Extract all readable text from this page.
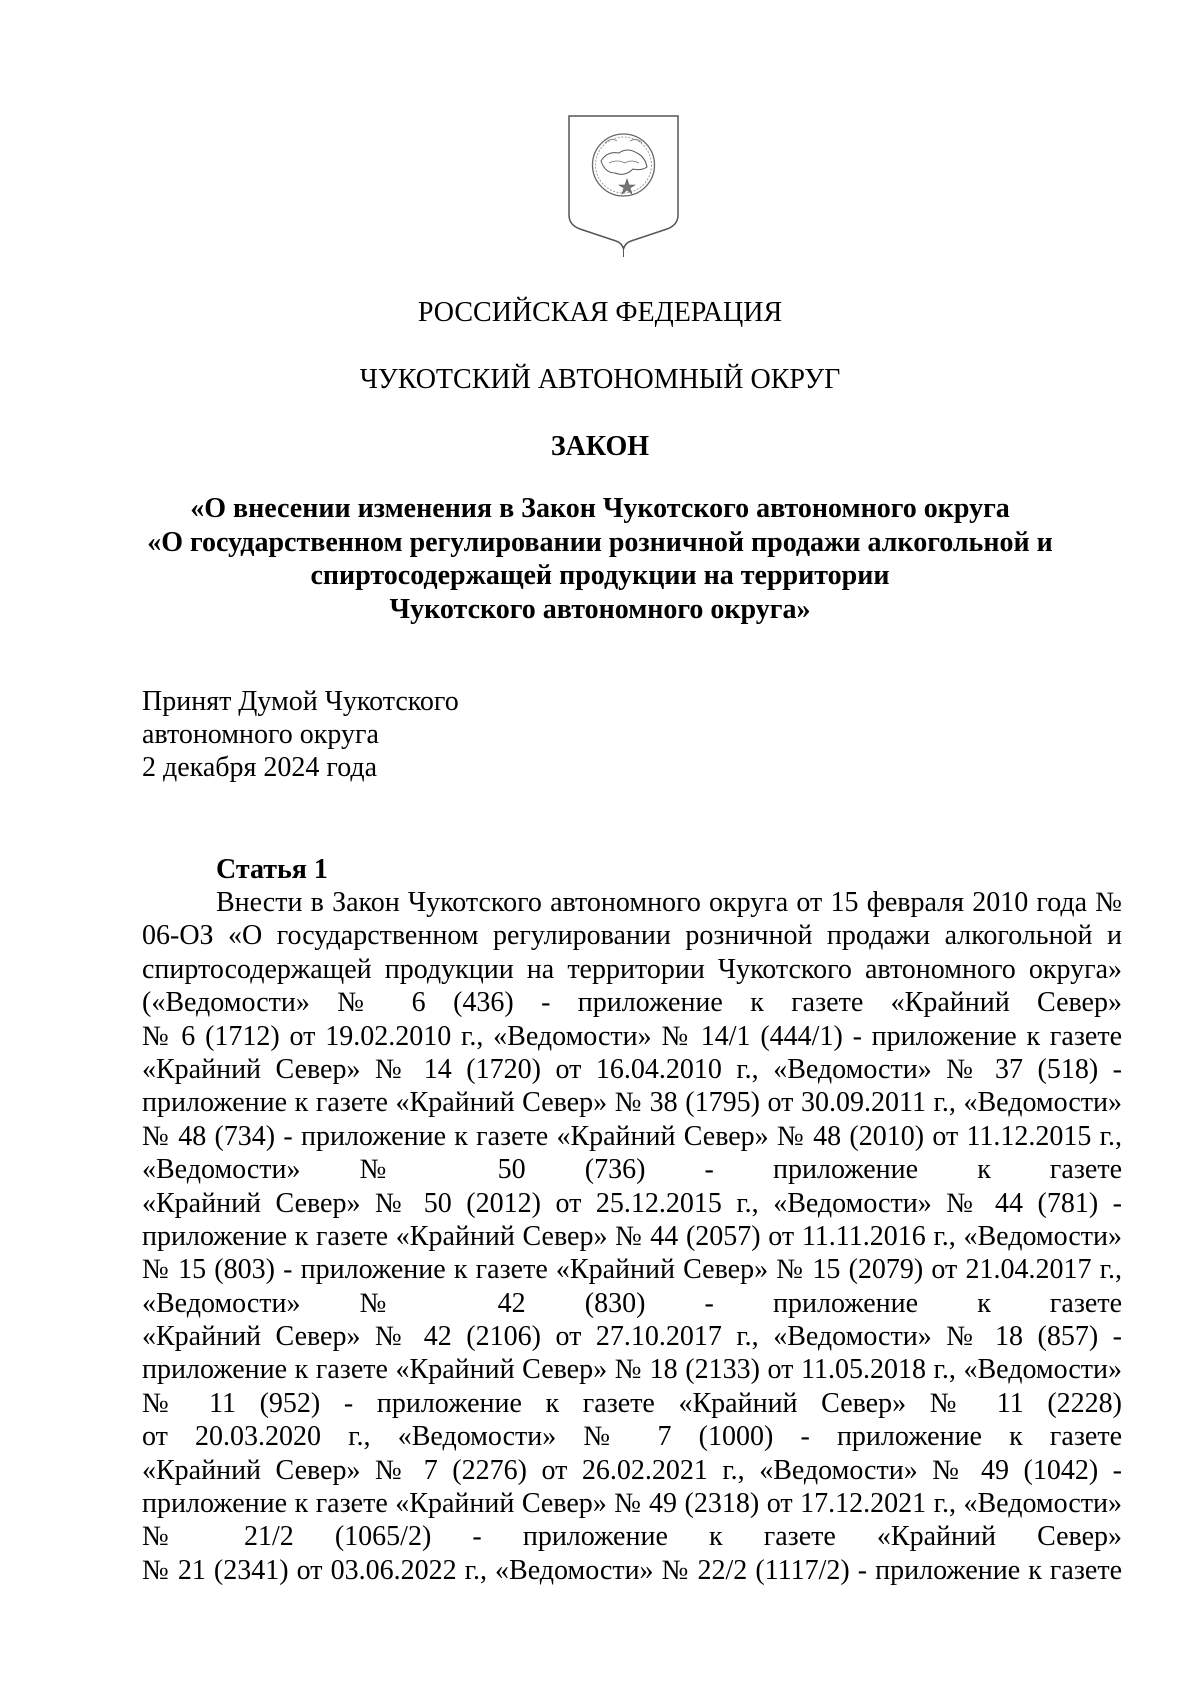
РОССИЙСКАЯ ФЕДЕРАЦИЯ
ЧУКОТСКИЙ АВТОНОМНЫЙ ОКРУГ
ЗАКОН
«О внесении изменения в Закон Чукотского автономного округа
«О государственном регулировании розничной продажи алкогольной и
спиртосодержащей продукции на территории
Чукотского автономного округа»
Принят Думой Чукотского
автономного округа
2 декабря 2024 года
Статья 1
Внести в Закон Чукотского автономного округа от 15 февраля 2010 года №
06-ОЗ «О государственном регулировании розничной продажи алкогольной и
спиртосодержащей продукции на территории Чукотского автономного округа»
(«Ведомости» № 6 (436) - приложение к газете «Крайний Север»
№ 6 (1712) от 19.02.2010 г., «Ведомости» № 14/1 (444/1) - приложение к газете
«Крайний Север» № 14 (1720) от 16.04.2010 г., «Ведомости» № 37 (518) -
приложение к газете «Крайний Север» № 38 (1795) от 30.09.2011 г., «Ведомости»
№ 48 (734) - приложение к газете «Крайний Север» № 48 (2010) от 11.12.2015 г.,
«Ведомости» № 50 (736) - приложение к газете
«Крайний Север» № 50 (2012) от 25.12.2015 г., «Ведомости» № 44 (781) -
приложение к газете «Крайний Север» № 44 (2057) от 11.11.2016 г., «Ведомости»
№ 15 (803) - приложение к газете «Крайний Север» № 15 (2079) от 21.04.2017 г.,
«Ведомости» № 42 (830) - приложение к газете
«Крайний Север» № 42 (2106) от 27.10.2017 г., «Ведомости» № 18 (857) -
приложение к газете «Крайний Север» № 18 (2133) от 11.05.2018 г., «Ведомости»
№ 11 (952) - приложение к газете «Крайний Север» № 11 (2228)
от 20.03.2020 г., «Ведомости» № 7 (1000) - приложение к газете
«Крайний Север» № 7 (2276) от 26.02.2021 г., «Ведомости» № 49 (1042) -
приложение к газете «Крайний Север» № 49 (2318) от 17.12.2021 г., «Ведомости»
№ 21/2 (1065/2) - приложение к газете «Крайний Север»
№ 21 (2341) от 03.06.2022 г., «Ведомости» № 22/2 (1117/2) - приложение к газете
